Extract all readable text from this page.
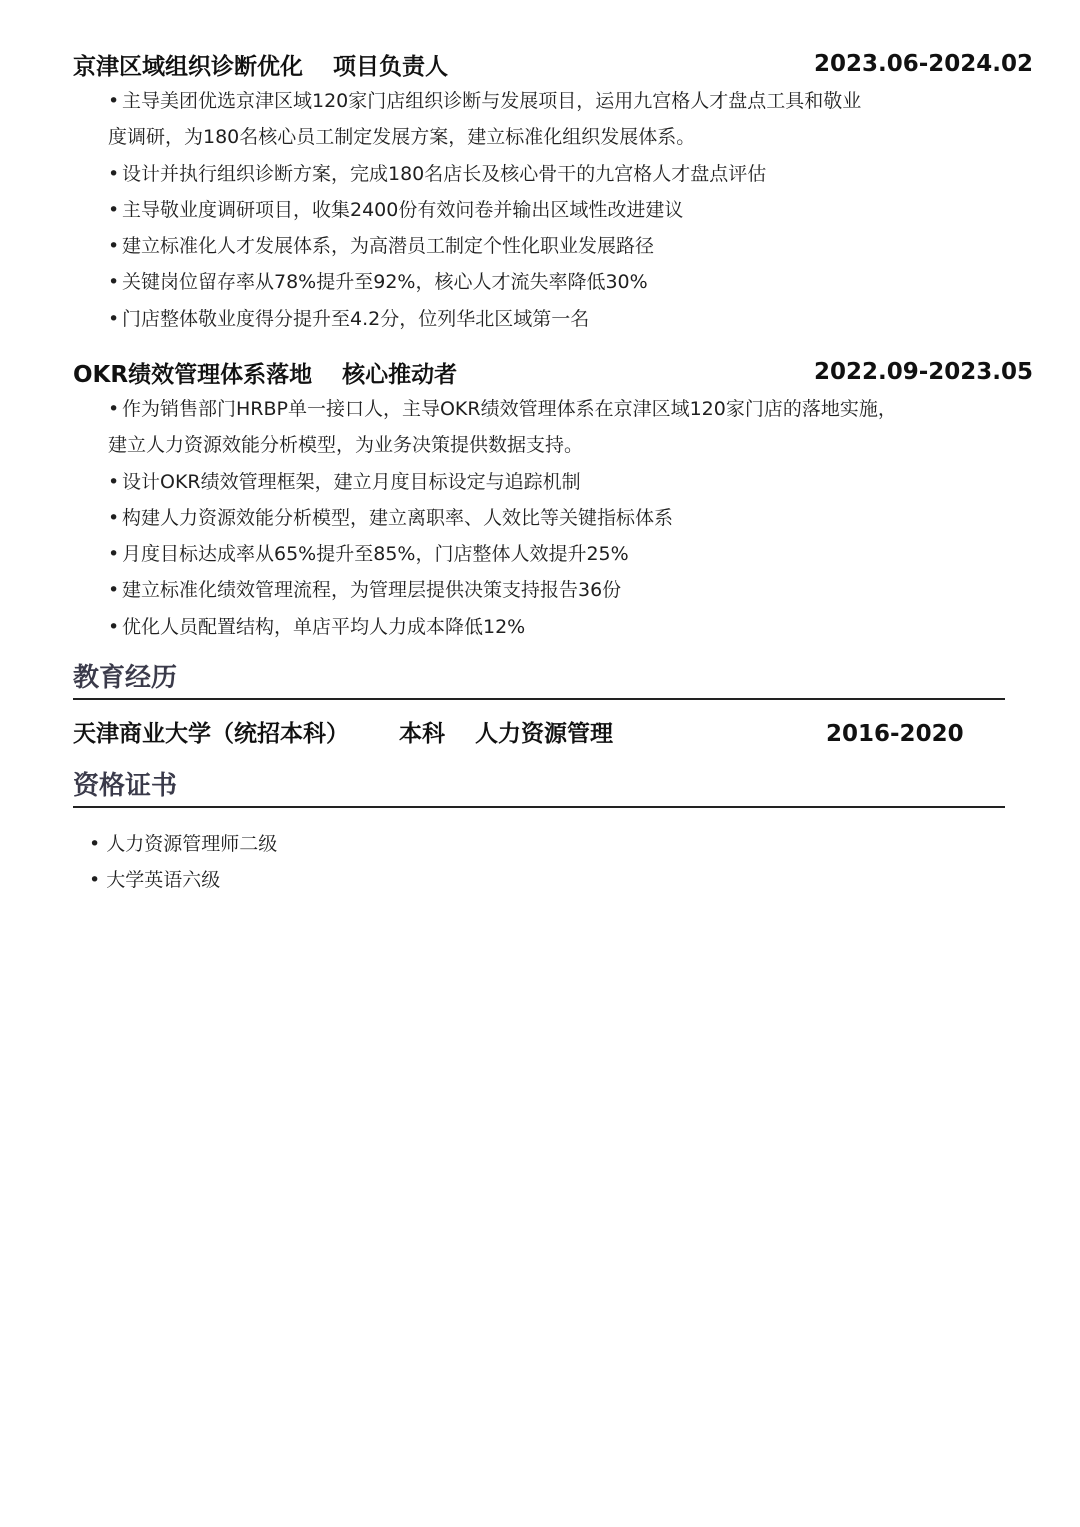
京津区域组织诊断优化 项目负责人	2023.06-2024.02
• 主导美团优选京津区域120家门店组织诊断与发展项目，运用九宫格人才盘点工具和敬业
度调研，为180名核心员工制定发展方案，建立标准化组织发展体系。
• 设计并执行组织诊断方案，完成180名店长及核心骨干的九宫格人才盘点评估
• 主导敬业度调研项目，收集2400份有效问卷并输出区域性改进建议
• 建立标准化人才发展体系，为高潜员工制定个性化职业发展路径
• 关键岗位留存率从78%提升至92%，核心人才流失率降低30%
• 门店整体敬业度得分提升至4.2分，位列华北区域第一名
OKR绩效管理体系落地 核心推动者	2022.09-2023.05
• 作为销售部门HRBP单一接口人，主导OKR绩效管理体系在京津区域120家门店的落地实施，
建立人力资源效能分析模型，为业务决策提供数据支持。
• 设计OKR绩效管理框架，建立月度目标设定与追踪机制
• 构建人力资源效能分析模型，建立离职率、人效比等关键指标体系
• 月度目标达成率从65%提升至85%，门店整体人效提升25%
• 建立标准化绩效管理流程，为管理层提供决策支持报告36份
• 优化人员配置结构，单店平均人力成本降低12%
教育经历
天津商业大学（统招本科） 本科 人力资源管理	2016-2020
资格证书
• 人力资源管理师二级
• 大学英语六级
